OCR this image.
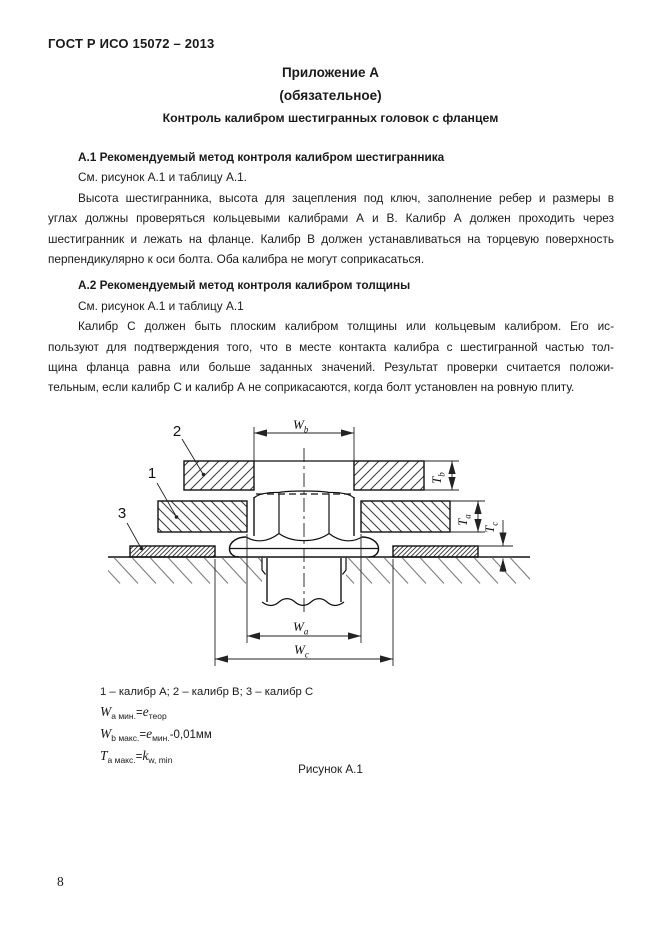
ГОСТ Р ИСО 15072 – 2013
Приложение А
(обязательное)
Контроль калибром шестигранных головок с фланцем
А.1 Рекомендуемый метод контроля калибром шестигранника
См. рисунок А.1 и таблицу А.1.
Высота шестигранника, высота для зацепления под ключ, заполнение ребер и размеры в
углах должны проверяться кольцевыми калибрами А и В. Калибр А должен проходить через
шестигранник и лежать на фланце. Калибр В должен устанавливаться на торцевую поверхность
перпендикулярно к оси болта. Оба калибра не могут соприкасаться.
А.2 Рекомендуемый метод контроля калибром толщины
См. рисунок А.1 и таблицу А.1
Калибр С должен быть плоским калибром толщины или кольцевым калибром. Его ис-
пользуют для подтверждения того, что в месте контакта калибра с шестигранной частью тол-
щина фланца равна или больше заданных значений. Результат проверки считается положи-
тельным, если калибр С и калибр А не соприкасаются, когда болт установлен на ровную плиту.
$W_b$
$T_b$
$T_a$
$T_c$
$W_a$
$W_c$
2
1
3
1 – калибр А; 2 – калибр В; 3 – калибр С
$W_{a мин.}=e_{теор}$
$W_{b макс.}=e_{мин.}-0,01мм$
$T_{a макс.}=k_{w, min}$
Рисунок А.1
8
